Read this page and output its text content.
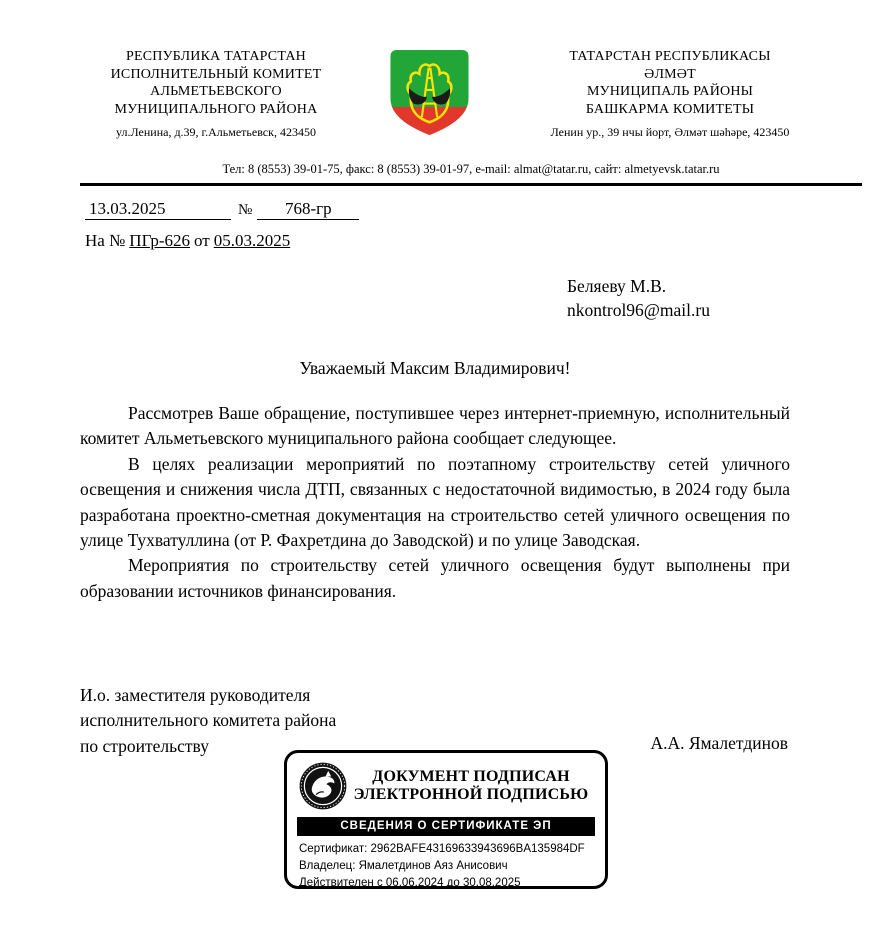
РЕСПУБЛИКА ТАТАРСТАН
ИСПОЛНИТЕЛЬНЫЙ КОМИТЕТ
АЛЬМЕТЬЕВСКОГО
МУНИЦИПАЛЬНОГО РАЙОНА
ул.Ленина, д.39, г.Альметьевск, 423450
ТАТАРСТАН РЕСПУБЛИКАСЫ
ӘЛМӘТ
МУНИЦИПАЛЬ РАЙОНЫ
БАШКАРМА КОМИТЕТЫ
Ленин ур., 39 нчы йорт, Әлмәт шәһәре, 423450
Тел: 8 (8553) 39-01-75, факс: 8 (8553) 39-01-97, e-mail: almat@tatar.ru, сайт: almetyevsk.tatar.ru
13.03.2025	№	768-гр
На № ПГр-626 от 05.03.2025
Беляеву М.В.
nkontrol96@mail.ru
Уважаемый Максим Владимирович!

Рассмотрев Ваше обращение, поступившее через интернет-приемную, исполнительный комитет Альметьевского муниципального района сообщает следующее.

В целях реализации мероприятий по поэтапному строительству сетей уличного освещения и снижения числа ДТП, связанных с недостаточной видимостью, в 2024 году была разработана проектно-сметная документация на строительство сетей уличного освещения по улице Тухватуллина (от Р. Фахретдина до Заводской) и по улице Заводская.

Мероприятия по строительству сетей уличного освещения будут выполнены при образовании источников финансирования.

И.о. заместителя руководителя
исполнительного комитета района
по строительству	А.А. Ямалетдинов
ДОКУМЕНТ ПОДПИСАН
ЭЛЕКТРОННОЙ ПОДПИСЬЮ
СВЕДЕНИЯ О СЕРТИФИКАТЕ ЭП
Сертификат: 2962BAFE43169633943696BA135984DF
Владелец: Ямалетдинов Аяз Анисович
Действителен с 06.06.2024 до 30.08.2025
